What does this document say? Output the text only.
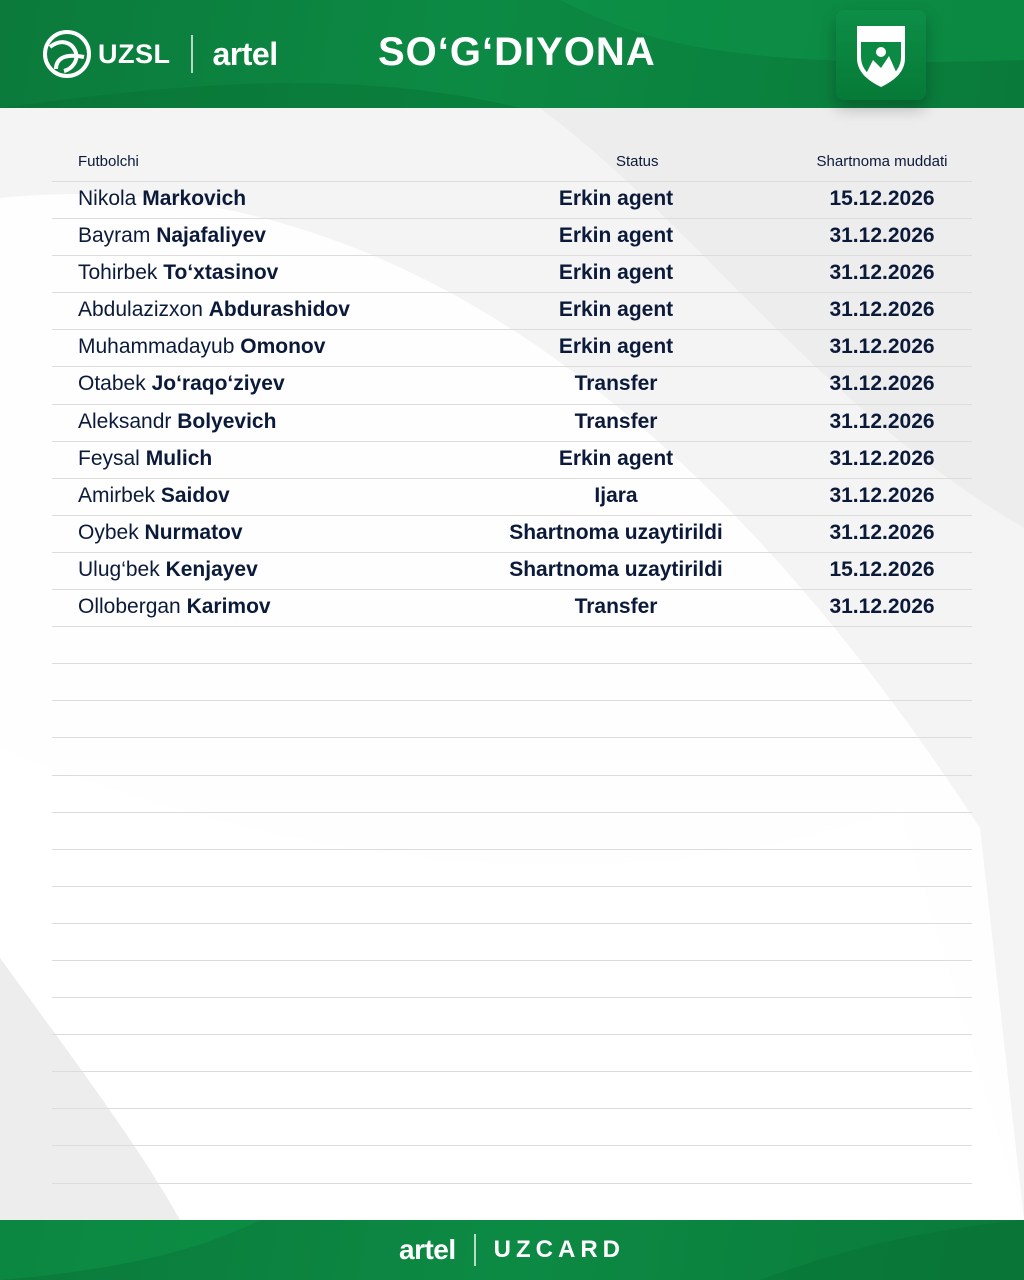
UZSL artel	SO‘G‘DIYONA
Futbolchi	Status	Shartnoma muddati
Nikola Markovich	Erkin agent	15.12.2026
Bayram Najafaliyev	Erkin agent	31.12.2026
Tohirbek To‘xtasinov	Erkin agent	31.12.2026
Abdulazizxon Abdurashidov	Erkin agent	31.12.2026
Muhammadayub Omonov	Erkin agent	31.12.2026
Otabek Jo‘raqo‘ziyev	Transfer	31.12.2026
Aleksandr Bolyevich	Transfer	31.12.2026
Feysal Mulich	Erkin agent	31.12.2026
Amirbek Saidov	Ijara	31.12.2026
Oybek Nurmatov	Shartnoma uzaytirildi	31.12.2026
Ulug‘bek Kenjayev	Shartnoma uzaytirildi	15.12.2026
Ollobergan Karimov	Transfer	31.12.2026
artel UZCARD
